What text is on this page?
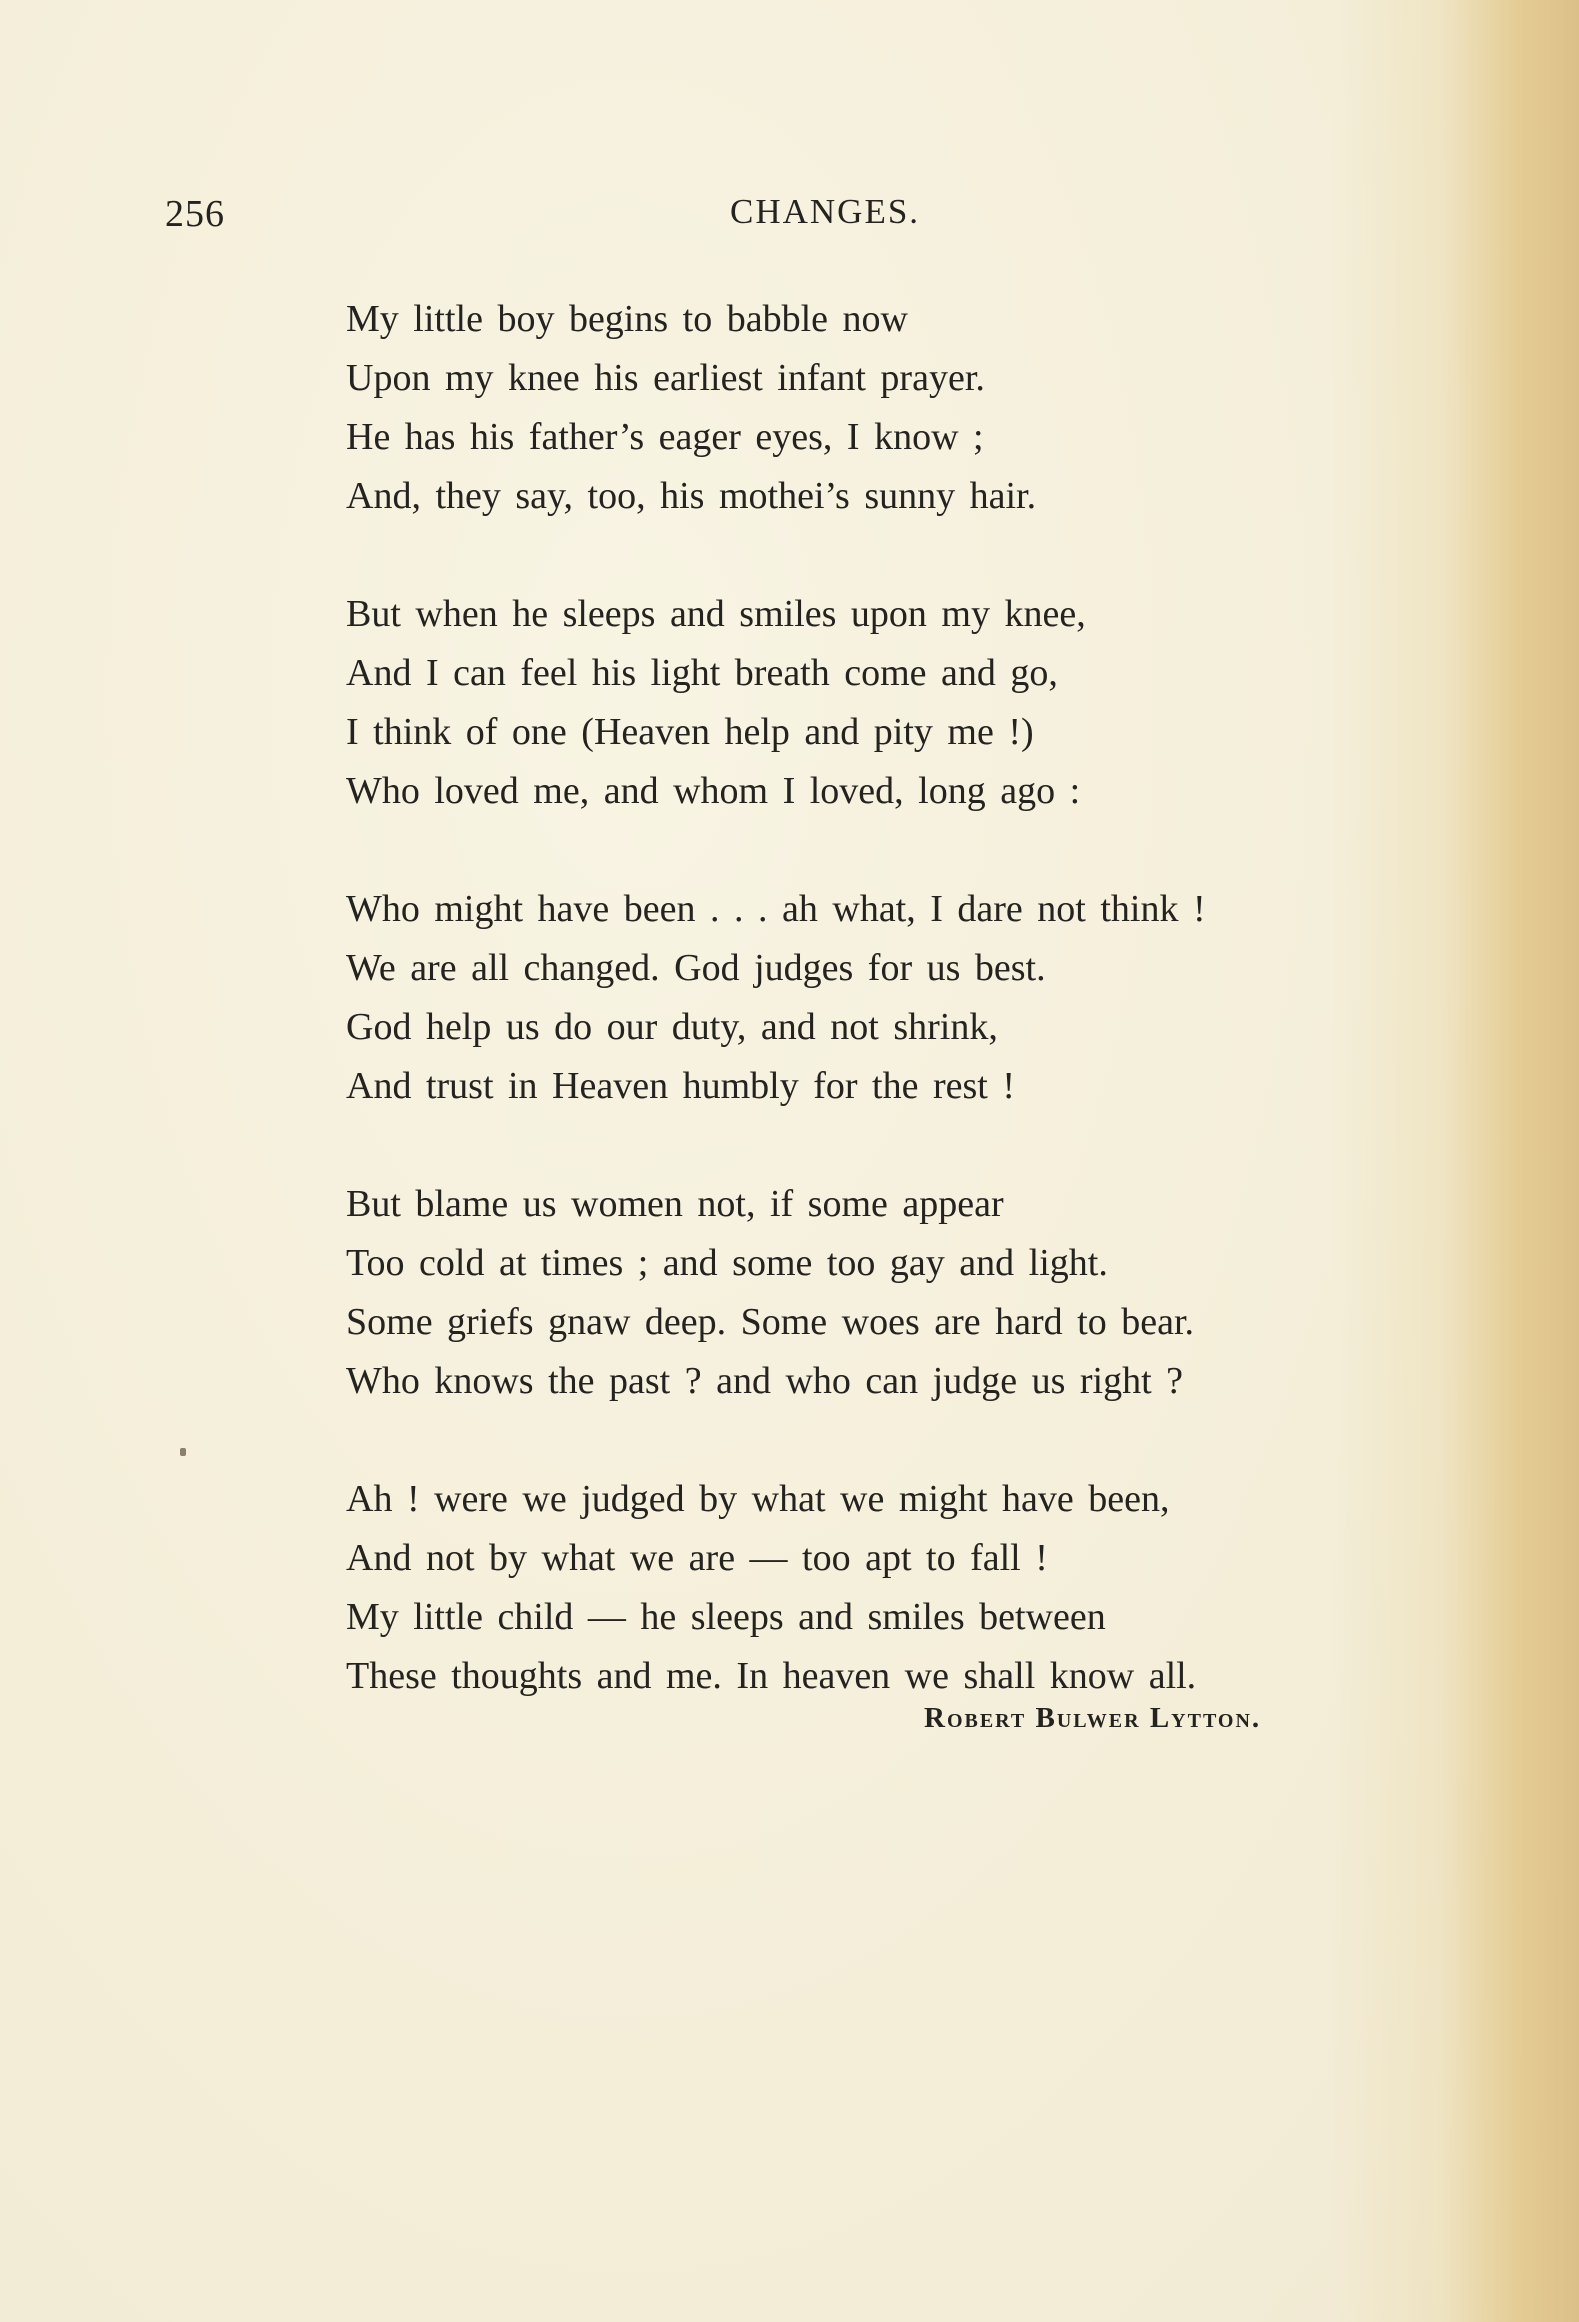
256	CHANGES.
My little boy begins to babble now
Upon my knee his earliest infant prayer.
He has his father’s eager eyes, I know ;
And, they say, too, his mothei’s sunny hair.
But when he sleeps and smiles upon my knee,
And I can feel his light breath come and go,
I think of one (Heaven help and pity me !)
Who loved me, and whom I loved, long ago :
Who might have been . . . ah what, I dare not think !
We are all changed. God judges for us best.
God help us do our duty, and not shrink,
And trust in Heaven humbly for the rest !
But blame us women not, if some appear
Too cold at times ; and some too gay and light.
Some griefs gnaw deep. Some woes are hard to bear.
Who knows the past ? and who can judge us right ?
Ah ! were we judged by what we might have been,
And not by what we are — too apt to fall !
My little child — he sleeps and smiles between
These thoughts and me. In heaven we shall know all.
Robert Bulwer Lytton.
